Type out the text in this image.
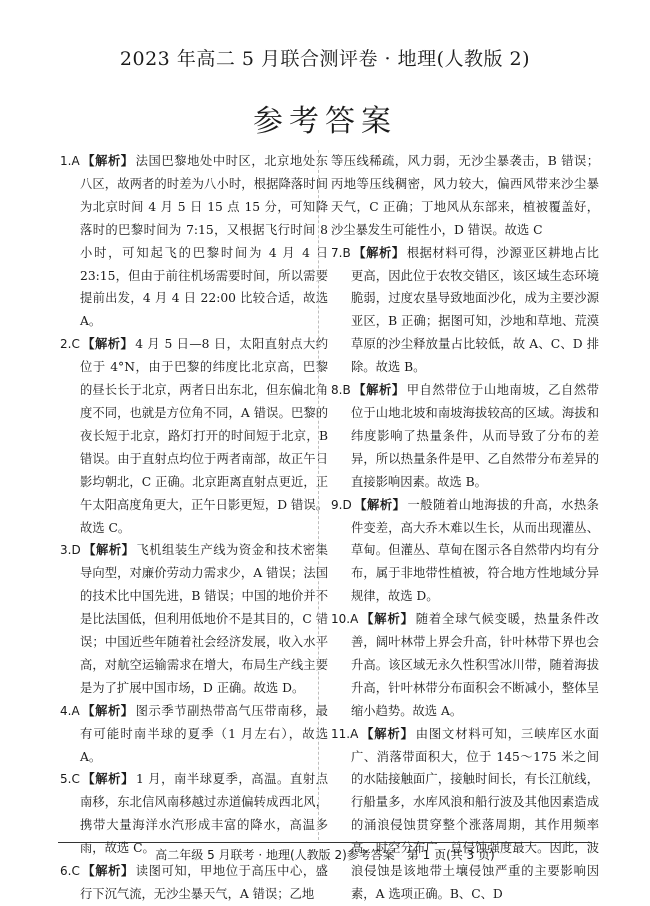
2023 年高二 5 月联合测评卷 · 地理(人教版 2)
参考答案

1.A 【解析】 法国巴黎地处中时区，北京地处东八区，故两者的时差为八小时，根据降落时间为北京时间 4 月 5 日 15 点 15 分，可知降落时的巴黎时间为 7:15，又根据飞行时间 8 小时，可知起飞的巴黎时间为 4 月 4 日 23:15，但由于前往机场需要时间，所以需要提前出发，4 月 4 日 22:00 比较合适，故选 A。

2.C 【解析】 4 月 5 日—8 日，太阳直射点大约位于 4°N，由于巴黎的纬度比北京高，巴黎的昼长长于北京，两者日出东北，但东偏北角度不同，也就是方位角不同，A 错误。巴黎的夜长短于北京，路灯打开的时间短于北京，B 错误。由于直射点均位于两者南部，故正午日影均朝北，C 正确。北京距离直射点更近，正午太阳高度角更大，正午日影更短，D 错误。故选 C。

3.D 【解析】 飞机组装生产线为资金和技术密集导向型，对廉价劳动力需求少，A 错误；法国的技术比中国先进，B 错误；中国的地价并不是比法国低，但利用低地价不是其目的，C 错误；中国近些年随着社会经济发展，收入水平高，对航空运输需求在增大，布局生产线主要是为了扩展中国市场，D 正确。故选 D。

4.A 【解析】 图示季节副热带高气压带南移，最有可能时南半球的夏季（1 月左右），故选 A。

5.C 【解析】 1 月，南半球夏季，高温。直射点南移，东北信风南移越过赤道偏转成西北风，携带大量海洋水汽形成丰富的降水，高温多雨，故选 C。

6.C 【解析】 读图可知，甲地位于高压中心，盛行下沉气流，无沙尘暴天气，A 错误；乙地

等压线稀疏，风力弱，无沙尘暴袭击，B 错误；丙地等压线稠密，风力较大，偏西风带来沙尘暴天气，C 正确；丁地风从东部来，植被覆盖好，沙尘暴发生可能性小，D 错误。故选 C

7.B 【解析】 根据材料可得，沙源亚区耕地占比更高，因此位于农牧交错区，该区域生态环境脆弱，过度农垦导致地面沙化，成为主要沙源亚区，B 正确；据图可知，沙地和草地、荒漠草原的沙尘释放量占比较低，故 A、C、D 排除。故选 B。

8.B 【解析】 甲自然带位于山地南坡，乙自然带位于山地北坡和南坡海拔较高的区域。海拔和纬度影响了热量条件，从而导致了分布的差异，所以热量条件是甲、乙自然带分布差异的直接影响因素。故选 B。

9.D 【解析】 一般随着山地海拔的升高，水热条件变差，高大乔木难以生长，从而出现灌丛、草甸。但灌丛、草甸在图示各自然带内均有分布，属于非地带性植被，符合地方性地域分异规律，故选 D。

10.A 【解析】 随着全球气候变暖，热量条件改善，阔叶林带上界会升高，针叶林带下界也会升高。该区域无永久性积雪冰川带，随着海拔升高，针叶林带分布面积会不断减小，整体呈缩小趋势。故选 A。

11.A 【解析】 由图文材料可知，三峡库区水面广、消落带面积大，位于 145～175 米之间的水陆接触面广，接触时间长，有长江航线，行船量多，水库风浪和船行波及其他因素造成的涌浪侵蚀贯穿整个涨落周期，其作用频率高、时空分布广、总侵蚀强度最大。因此，波浪侵蚀是该地带土壤侵蚀严重的主要影响因素，A 选项正确。B、C、D

高二年级 5 月联考 · 地理(人教版 2)参考答案　第 1 页(共 3 页)
